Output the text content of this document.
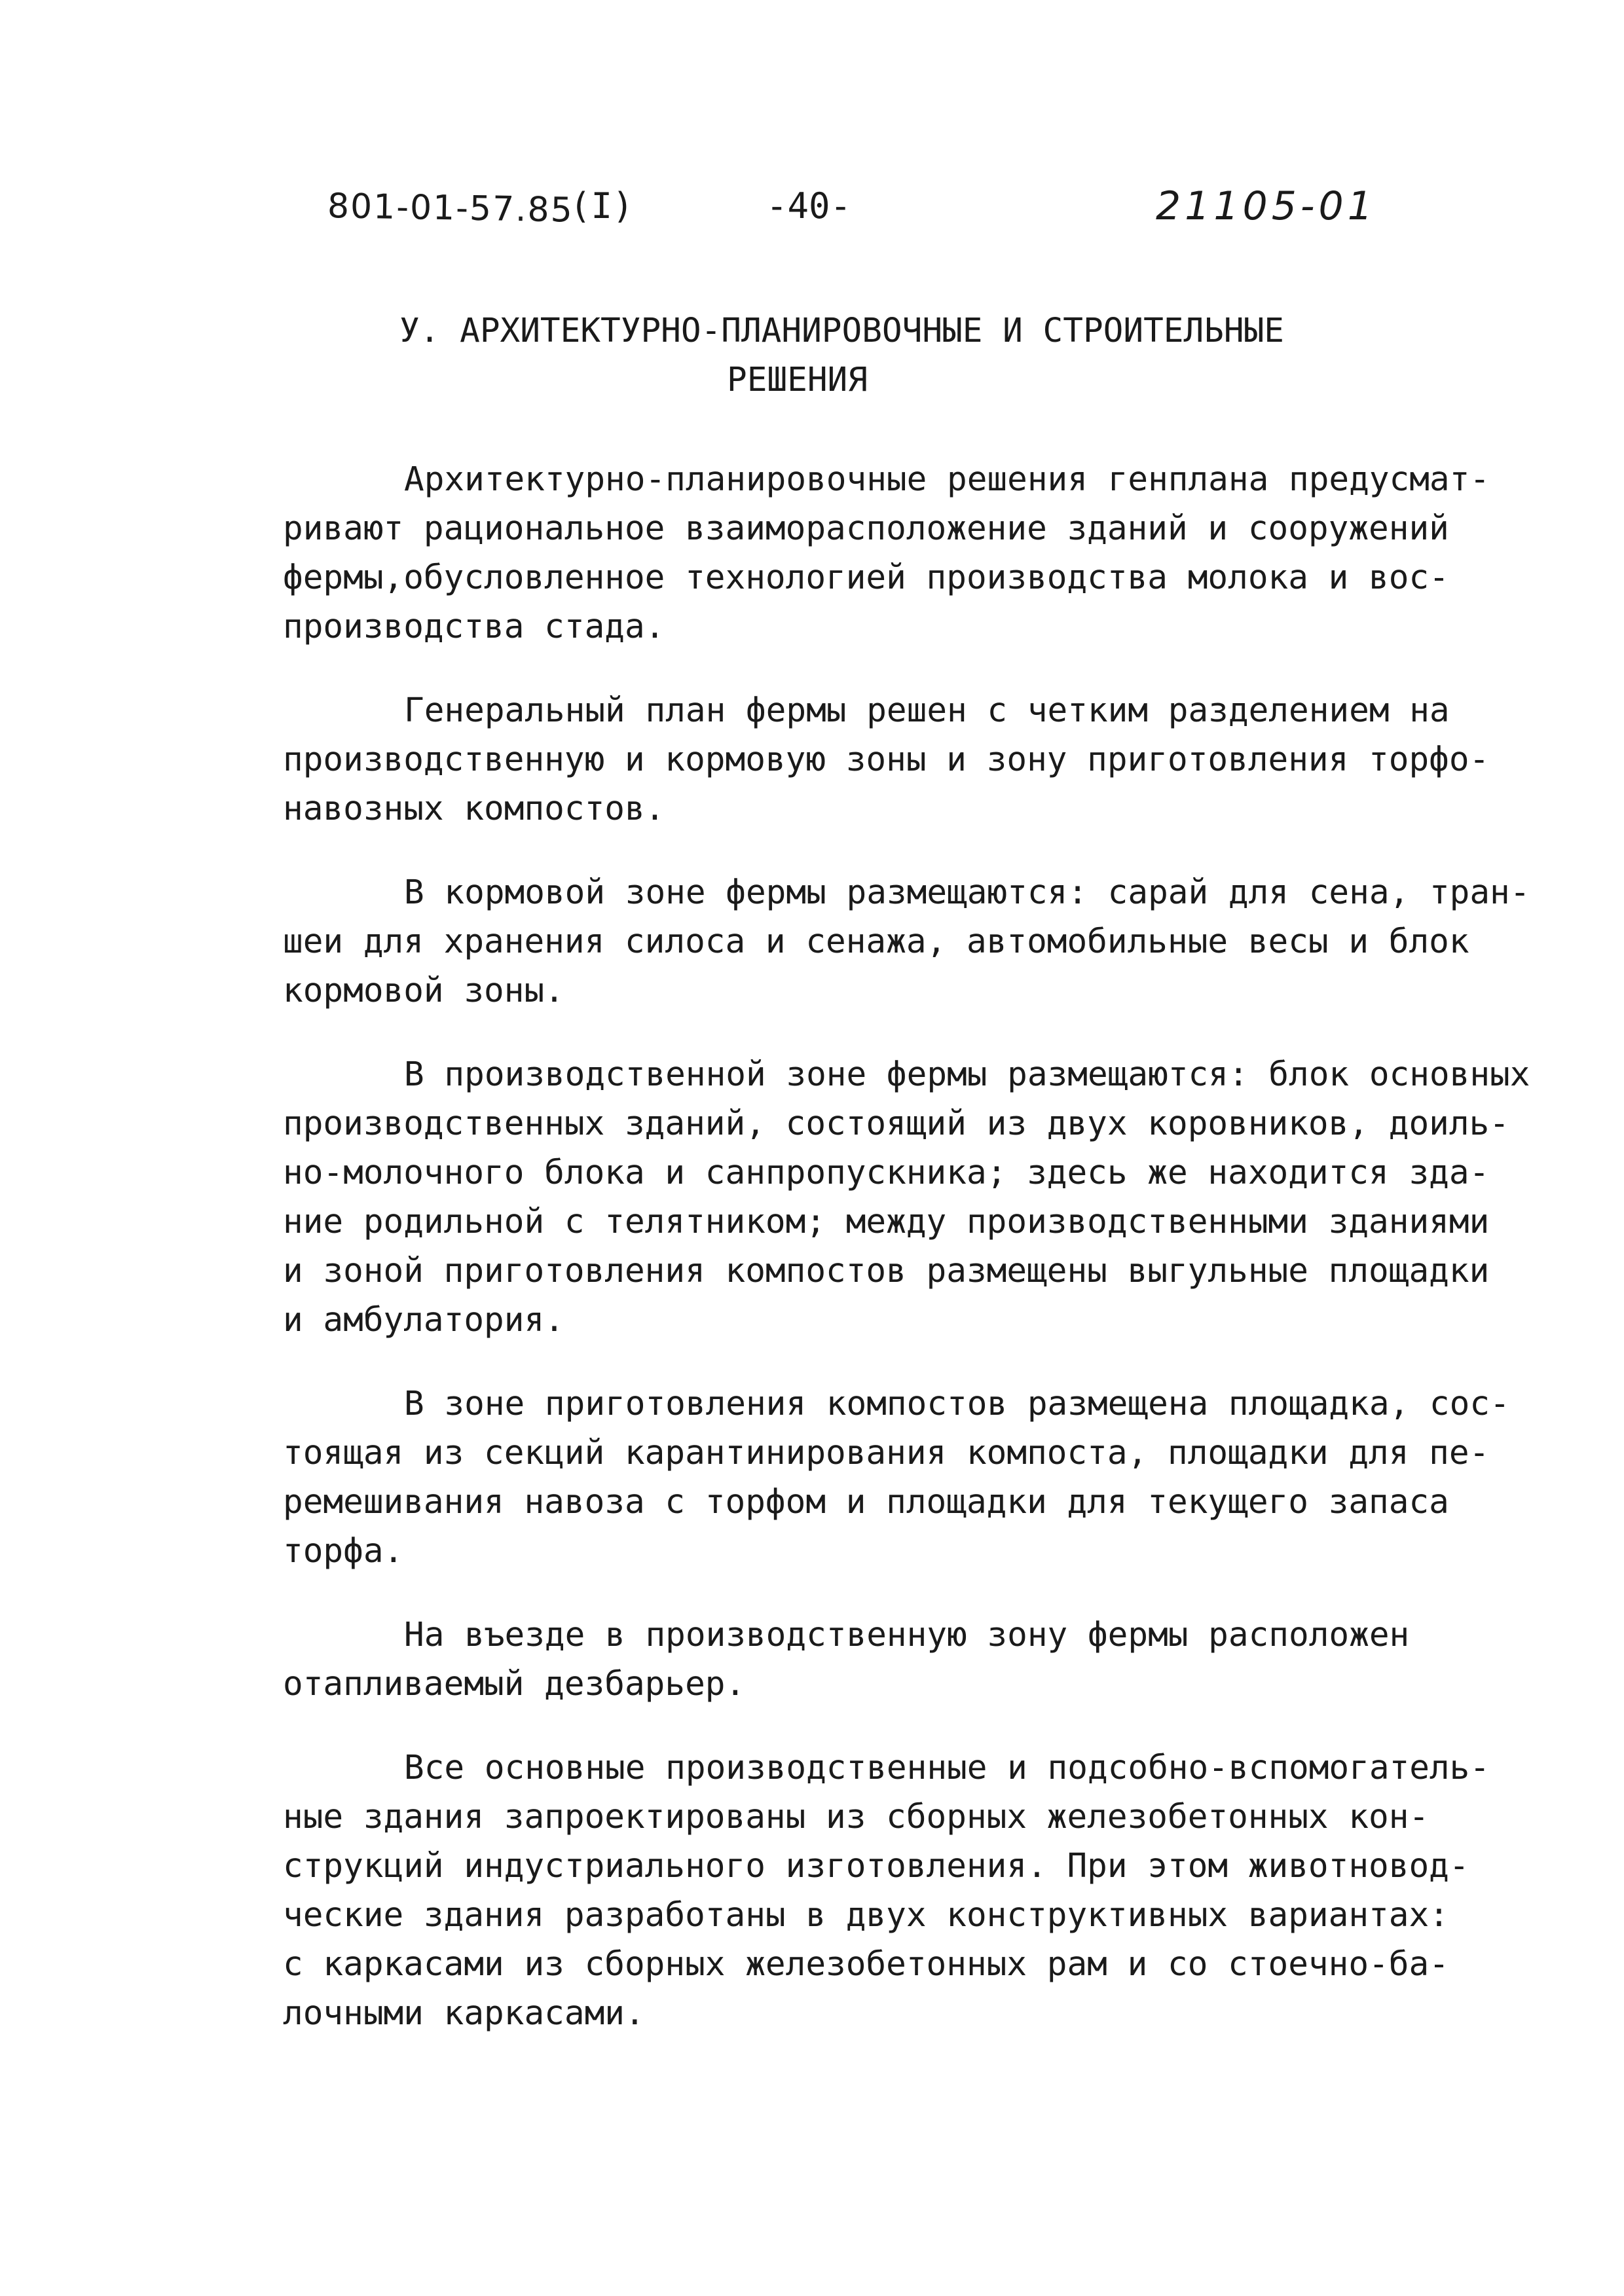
801-01-57.85
(I)	-40-	21105-01
У. АРХИТЕКТУРНО-ПЛАНИРОВОЧНЫЕ И СТРОИТЕЛЬНЫЕ
РЕШЕНИЯ
Архитектурно-планировочные решения генплана предусмат-
ривают рациональное взаиморасположение зданий и сооружений
фермы,обусловленное технологией производства молока и вос-
производства стада.
Генеральный план фермы решен с четким разделением на
производственную и кормовую зоны и зону приготовления торфо-
навозных компостов.
В кормовой зоне фермы размещаются: сарай для сена, тран-
шеи для хранения силоса и сенажа, автомобильные весы и блок
кормовой зоны.
В производственной зоне фермы размещаются: блок основных
производственных зданий, состоящий из двух коровников, доиль-
но-молочного блока и санпропускника; здесь же находится зда-
ние родильной с телятником; между производственными зданиями
и зоной приготовления компостов размещены выгульные площадки
и амбулатория.
В зоне приготовления компостов размещена площадка, сос-
тоящая из секций карантинирования компоста, площадки для пе-
ремешивания навоза с торфом и площадки для текущего запаса
торфа.
На въезде в производственную зону фермы расположен
отапливаемый дезбарьер.
Все основные производственные и подсобно-вспомогатель-
ные здания запроектированы из сборных железобетонных кон-
струкций индустриального изготовления. При этом животновод-
ческие здания разработаны в двух конструктивных вариантах:
с каркасами из сборных железобетонных рам и со стоечно-ба-
лочными каркасами.
